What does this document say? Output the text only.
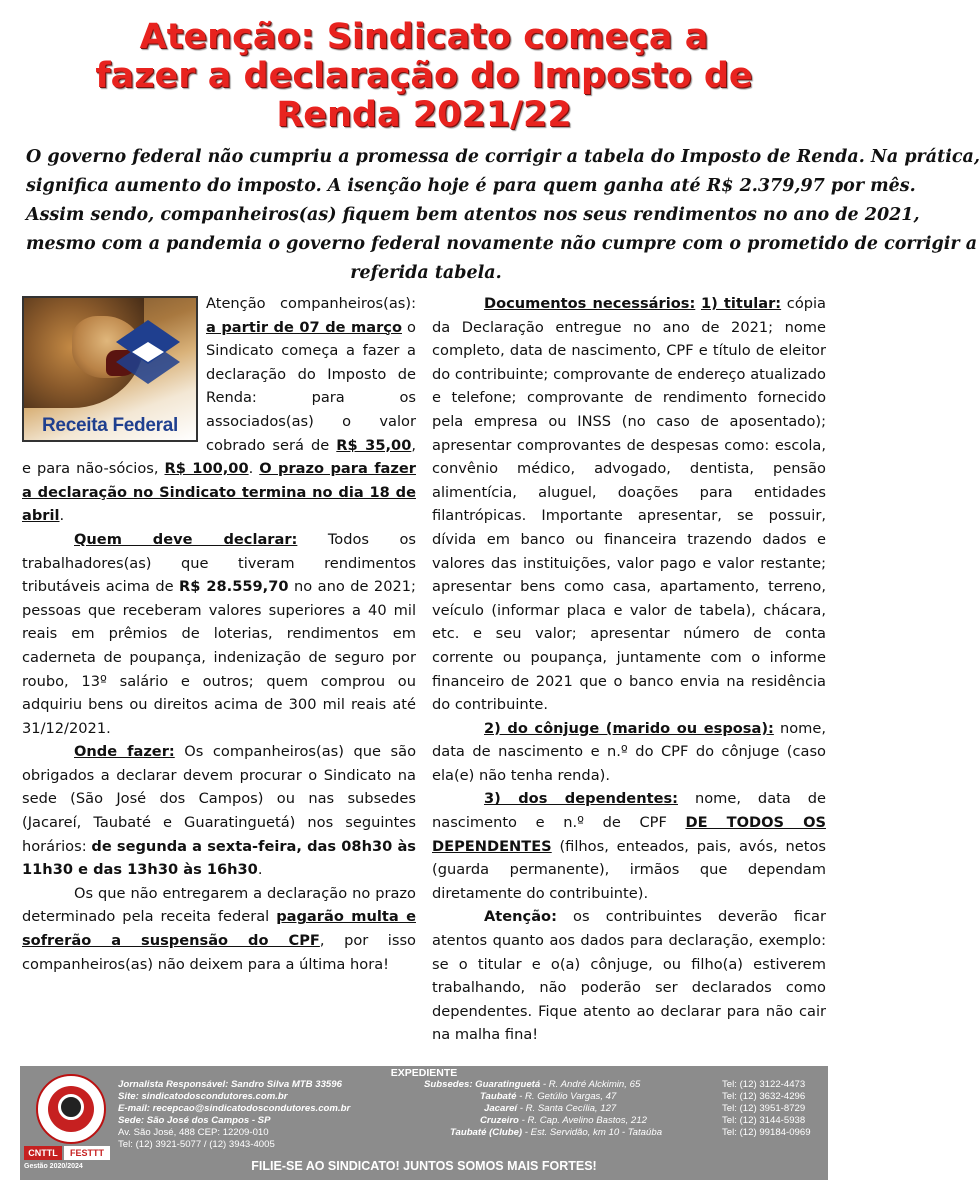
Atenção: Sindicato começa a
fazer a declaração do Imposto de
Renda 2021/22
O governo federal não cumpriu a promessa de corrigir a tabela do Imposto de Renda. Na prática,
significa aumento do imposto. A isenção hoje é para quem ganha até R$ 2.379,97 por mês.
Assim sendo, companheiros(as) fiquem bem atentos nos seus rendimentos no ano de 2021,
mesmo com a pandemia o governo federal novamente não cumpre com o prometido de corrigir a
referida tabela.
Receita Federal

Atenção companheiros(as): a partir de 07 de março o Sindicato começa a fazer a declaração do Imposto de Renda: para os associados(as) o valor cobrado será de R$ 35,00, e para não-sócios, R$ 100,00. O prazo para fazer a declaração no Sindicato termina no dia 18 de abril.

Quem deve declarar: Todos os trabalhadores(as) que tiveram rendimentos tributáveis acima de R$ 28.559,70 no ano de 2021; pessoas que receberam valores superiores a 40 mil reais em prêmios de loterias, rendimentos em caderneta de poupança, indenização de seguro por roubo, 13º salário e outros; quem comprou ou adquiriu bens ou direitos acima de 300 mil reais até 31/12/2021.

Onde fazer: Os companheiros(as) que são obrigados a declarar devem procurar o Sindicato na sede (São José dos Campos) ou nas subsedes (Jacareí, Taubaté e Guaratinguetá) nos seguintes horários: de segunda a sexta-feira, das 08h30 às 11h30 e das 13h30 às 16h30.

Os que não entregarem a declaração no prazo determinado pela receita federal pagarão multa e sofrerão a suspensão do CPF, por isso companheiros(as) não deixem para a última hora!

Documentos necessários: 1) titular: cópia da Declaração entregue no ano de 2021; nome completo, data de nascimento, CPF e título de eleitor do contribuinte; comprovante de endereço atualizado e telefone; comprovante de rendimento fornecido pela empresa ou INSS (no caso de aposentado); apresentar comprovantes de despesas como: escola, convênio médico, advogado, dentista, pensão alimentícia, aluguel, doações para entidades filantrópicas. Importante apresentar, se possuir, dívida em banco ou financeira trazendo dados e valores das instituições, valor pago e valor restante; apresentar bens como casa, apartamento, terreno, veículo (informar placa e valor de tabela), chácara, etc. e seu valor; apresentar número de conta corrente ou poupança, juntamente com o informe financeiro de 2021 que o banco envia na residência do contribuinte.

2) do cônjuge (marido ou esposa): nome, data de nascimento e n.º do CPF do cônjuge (caso ela(e) não tenha renda).

3) dos dependentes: nome, data de nascimento e n.º de CPF DE TODOS OS DEPENDENTES (filhos, enteados, pais, avós, netos (guarda permanente), irmãos que dependam diretamente do contribuinte).

Atenção: os contribuintes deverão ficar atentos quanto aos dados para declaração, exemplo: se o titular e o(a) cônjuge, ou filho(a) estiverem trabalhando, não poderão ser declarados como dependentes. Fique atento ao declarar para não cair na malha fina!

EXPEDIENTE
CNTTL	FESTTT
Gestão 2020/2024
Jornalista Responsável: Sandro Silva MTB 33596
Site: sindicatodoscondutores.com.br
E-mail: recepcao@sindicatodoscondutores.com.br
Sede: São José dos Campos - SP
Av. São José, 488 CEP: 12209-010
Tel: (12) 3921-5077 / (12) 3943-4005
Subsedes: Guaratinguetá - R. André Alckimin, 65
Taubaté - R. Getúlio Vargas, 47
Jacareí - R. Santa Cecília, 127
Cruzeiro - R. Cap. Avelino Bastos, 212
Taubaté (Clube) - Est. Servidão, km 10 - Tataúba
Tel: (12) 3122-4473
Tel: (12) 3632-4296
Tel: (12) 3951-8729
Tel: (12) 3144-5938
Tel: (12) 99184-0969
FILIE-SE AO SINDICATO! JUNTOS SOMOS MAIS FORTES!
